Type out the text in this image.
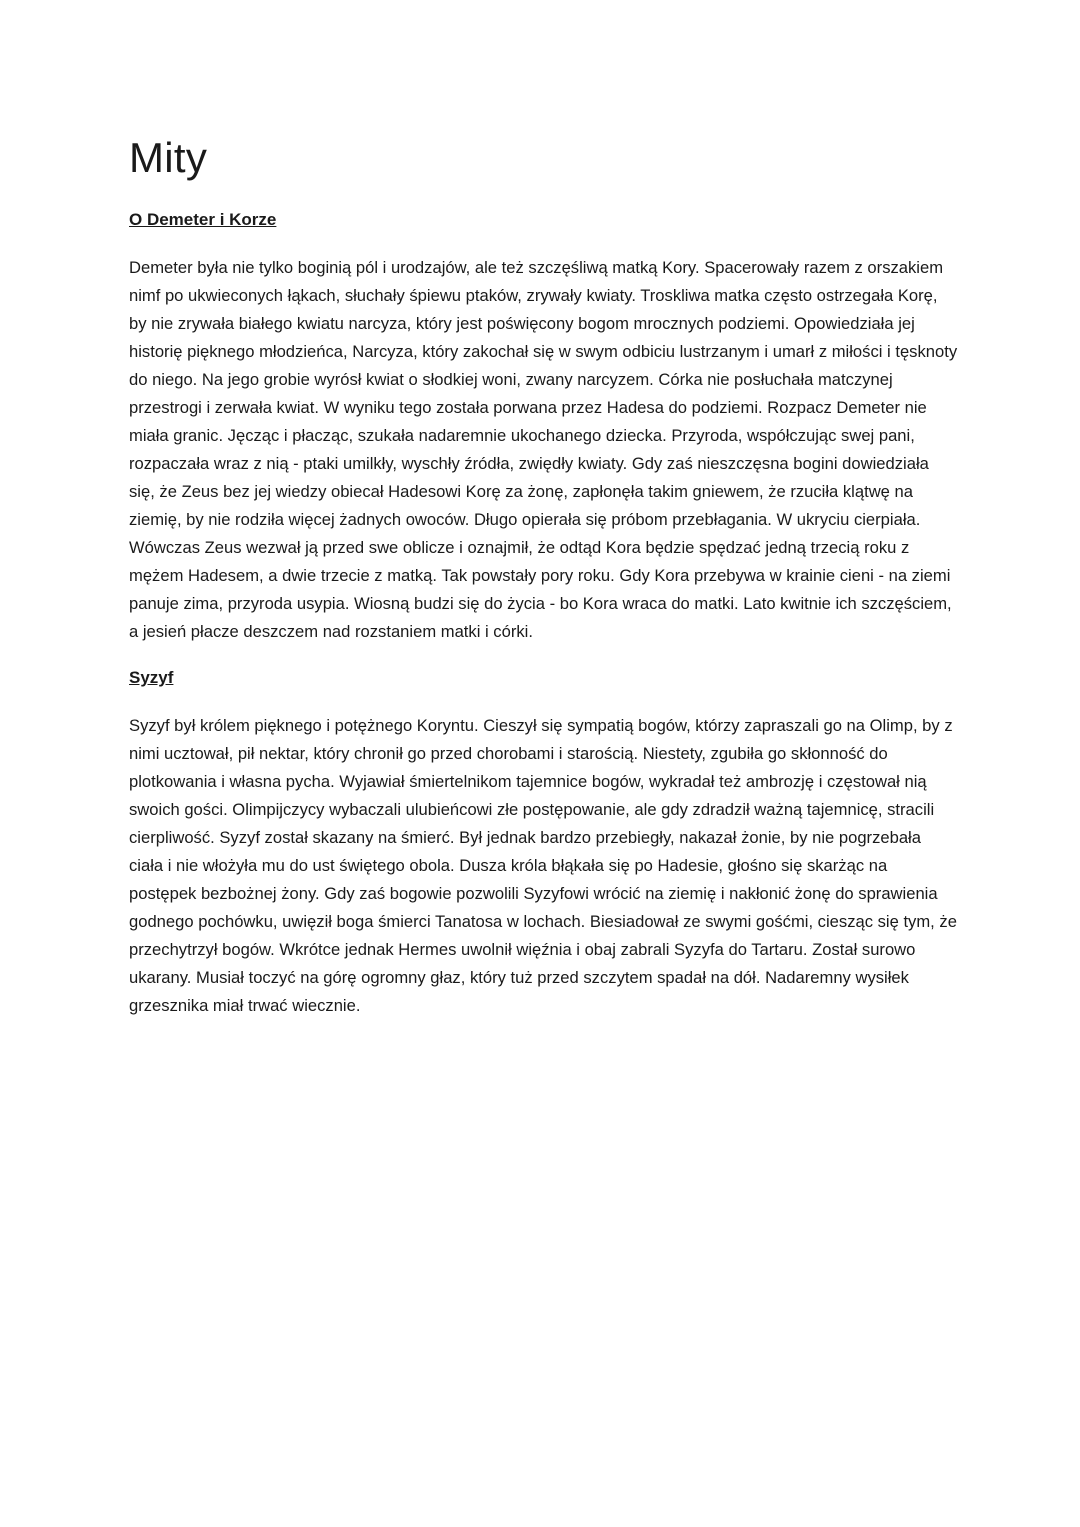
Mity
O Demeter i Korze

Demeter była nie tylko boginią pól i urodzajów, ale też szczęśliwą matką Kory. Spacerowały razem z orszakiem nimf po ukwieconych łąkach, słuchały śpiewu ptaków, zrywały kwiaty. Troskliwa matka często ostrzegała Korę, by nie zrywała białego kwiatu narcyza, który jest poświęcony bogom mrocznych podziemi. Opowiedziała jej historię pięknego młodzieńca, Narcyza, który zakochał się w swym odbiciu lustrzanym i umarł z miłości i tęsknoty do niego. Na jego grobie wyrósł kwiat o słodkiej woni, zwany narcyzem. Córka nie posłuchała matczynej przestrogi i zerwała kwiat. W wyniku tego została porwana przez Hadesa do podziemi. Rozpacz Demeter nie miała granic. Jęcząc i płacząc, szukała nadaremnie ukochanego dziecka. Przyroda, współczując swej pani, rozpaczała wraz z nią - ptaki umilkły, wyschły źródła, zwiędły kwiaty. Gdy zaś nieszczęsna bogini dowiedziała się, że Zeus bez jej wiedzy obiecał Hadesowi Korę za żonę, zapłonęła takim gniewem, że rzuciła klątwę na ziemię, by nie rodziła więcej żadnych owoców. Długo opierała się próbom przebłagania. W ukryciu cierpiała. Wówczas Zeus wezwał ją przed swe oblicze i oznajmił, że odtąd Kora będzie spędzać jedną trzecią roku z mężem Hadesem, a dwie trzecie z matką. Tak powstały pory roku. Gdy Kora przebywa w krainie cieni - na ziemi panuje zima, przyroda usypia. Wiosną budzi się do życia - bo Kora wraca do matki. Lato kwitnie ich szczęściem, a jesień płacze deszczem nad rozstaniem matki i córki.

Syzyf

Syzyf był królem pięknego i potężnego Koryntu. Cieszył się sympatią bogów, którzy zapraszali go na Olimp, by z nimi ucztował, pił nektar, który chronił go przed chorobami i starością. Niestety, zgubiła go skłonność do plotkowania i własna pycha. Wyjawiał śmiertelnikom tajemnice bogów, wykradał też ambrozję i częstował nią swoich gości. Olimpijczycy wybaczali ulubieńcowi złe postępowanie, ale gdy zdradził ważną tajemnicę, stracili cierpliwość. Syzyf został skazany na śmierć. Był jednak bardzo przebiegły, nakazał żonie, by nie pogrzebała ciała i nie włożyła mu do ust świętego obola. Dusza króla błąkała się po Hadesie, głośno się skarżąc na postępek bezbożnej żony. Gdy zaś bogowie pozwolili Syzyfowi wrócić na ziemię i nakłonić żonę do sprawienia godnego pochówku, uwięził boga śmierci Tanatosa w lochach. Biesiadował ze swymi gośćmi, ciesząc się tym, że przechytrzył bogów. Wkrótce jednak Hermes uwolnił więźnia i obaj zabrali Syzyfa do Tartaru. Został surowo ukarany. Musiał toczyć na górę ogromny głaz, który tuż przed szczytem spadał na dół. Nadaremny wysiłek grzesznika miał trwać wiecznie.
